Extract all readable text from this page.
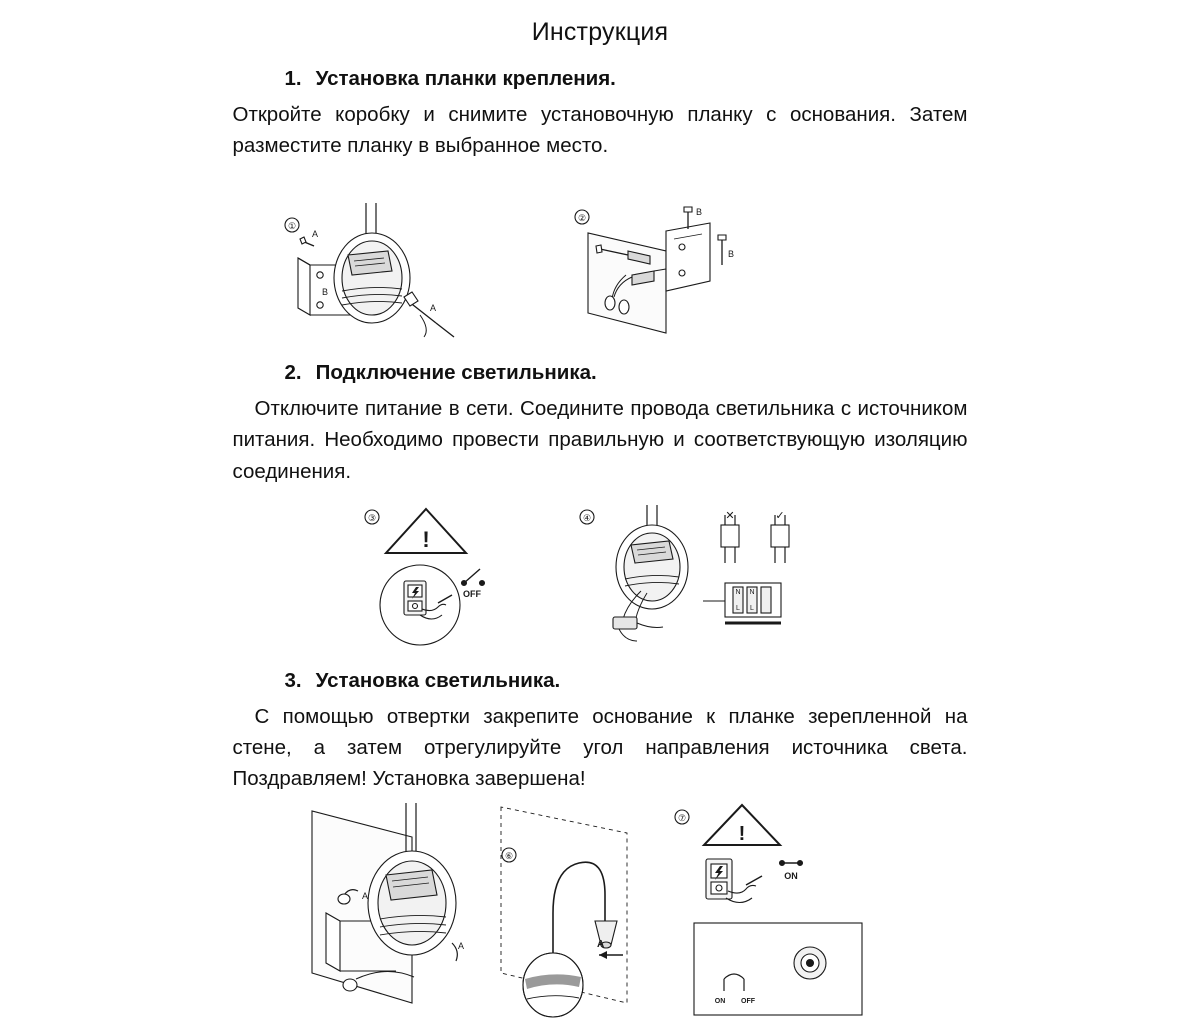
Инструкция
1. Установка планки крепления.

Откройте коробку и снимите установочную планку с основания. Затем разместите планку в выбранное место.

2. Подключение светильника.

Отключите питание в сети. Соедините провода светильника с источником питания. Необходимо провести правильную и соответствующую изоляцию соединения.

3. Установка светильника.

С помощью отвертки закрепите основание к планке зерепленной на стене, а затем отрегулируйте угол направления источника света. Поздравляем! Установка завершена!

①
A
B
A
②
B
B
③
!
OFF
④
N
L
N
L
✕	✓
A
A
⑥
A
⑦
!
ON
ON OFF
